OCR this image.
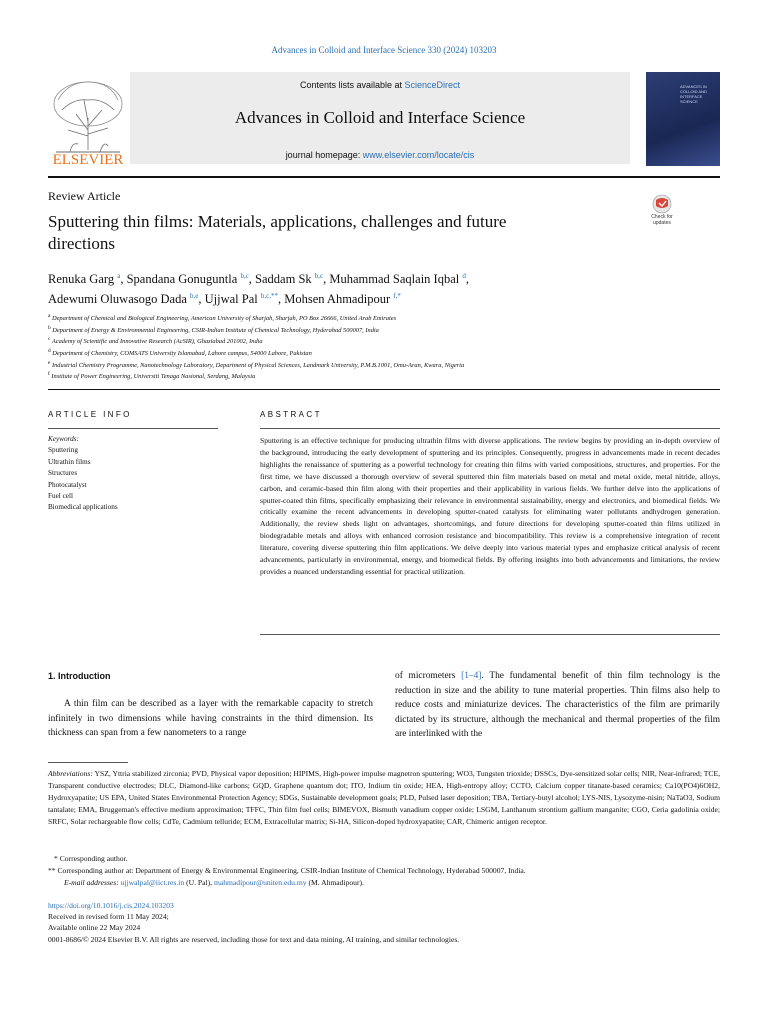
Advances in Colloid and Interface Science 330 (2024) 103203
ELSEVIER
Contents lists available at ScienceDirect
Advances in Colloid and Interface Science
journal homepage: www.elsevier.com/locate/cis
ADVANCES IN COLLOID AND INTERFACE SCIENCE
Review Article
Sputtering thin films: Materials, applications, challenges and future directions
Check for updates
Renuka Garg $^a$, Spandana Gonuguntla $^{b,c}$, Saddam Sk $^{b,c}$, Muhammad Saqlain Iqbal $^d$,
Adewumi Oluwasogo Dada $^{b,e}$, Ujjwal Pal $^{b,c,**}$, Mohsen Ahmadipour $^{f,*}$
$^a$ Department of Chemical and Biological Engineering, American University of Sharjah, Sharjah, PO Box 26666, United Arab Emirates
$^b$ Department of Energy & Environmental Engineering, CSIR-Indian Institute of Chemical Technology, Hyderabad 500007, India
$^c$ Academy of Scientific and Innovative Research (AcSIR), Ghaziabad 201002, India
$^d$ Department of Chemistry, COMSATS University Islamabad, Lahore campus, 54000 Lahore, Pakistan
$^e$ Industrial Chemistry Programme, Nanotechnology Laboratory, Department of Physical Sciences, Landmark University, P.M.B.1001, Omu-Aran, Kwara, Nigeria
$^f$ Institute of Power Engineering, Universiti Tenaga Nasional, Serdang, Malaysia
ARTICLE INFO
Keywords:
Sputtering
Ultrathin films
Structures
Photocatalyst
Fuel cell
Biomedical applications
ABSTRACT
Sputtering is an effective technique for producing ultrathin films with diverse applications. The review begins by providing an in-depth overview of the background, introducing the early development of sputtering and its principles. Consequently, progress in advancements made in recent decades highlights the renaissance of sputtering as a powerful technology for creating thin films with varied compositions, structures, and properties. For the first time, we have discussed a thorough overview of several sputtered thin film materials based on metal and metal oxide, metal nitride, alloys, carbon, and ceramic-based thin film along with their properties and their applicability in various fields. We further delve into the applications of sputter-coated thin films, specifically emphasizing their relevance in environmental sustainability, energy and electronics, and biomedical fields. We critically examine the recent advancements in developing sputter-coated catalysts for eliminating water pollutants andhydrogen generation. Additionally, the review sheds light on advantages, shortcomings, and future directions for developing sputter-coated thin films utilized in biodegradable metals and alloys with enhanced corrosion resistance and biocompatibility. This review is a comprehensive integration of recent literature, covering diverse sputtering thin film applications. We delve deeply into various material types and emphasize critical analysis of recent advancements, particularly in environmental, energy, and biomedical fields. By offering insights into both advancements and limitations, the review provides a nuanced understanding essential for practical utilization.
1. Introduction
A thin film can be described as a layer with the remarkable capacity to stretch infinitely in two dimensions while having constraints in the third dimension. Its thickness can span from a few nanometers to a range
of micrometers [1–4]. The fundamental benefit of thin film technology is the reduction in size and the ability to tune material properties. Thin films also help to reduce costs and miniaturize devices. The characteristics of the film are primarily dictated by its structure, although the mechanical and thermal properties of the film are interlinked with the
Abbreviations: YSZ, Yttria stabilized zirconia; PVD, Physical vapor deposition; HIPIMS, High-power impulse magnetron sputtering; WO3, Tungsten trioxide; DSSCs, Dye-sensitized solar cells; NIR, Near-infrared; TCE, Transparent conductive electrodes; DLC, Diamond-like carbons; GQD, Graphene quantum dot; ITO, Indium tin oxide; HEA, High-entropy alloy; CCTO, Calcium copper titanate-based ceramics; Ca10(PO4)6OH2, Hydroxyapatite; US EPA, United States Environmental Protection Agency; SDGs, Sustainable development goals; PLD, Pulsed laser deposition; TBA, Tertiary-butyl alcohol; LYS-NIS, Lysozyme-nisin; NaTaO3, Sodium tantalate; EMA, Bruggeman's effective medium approximation; TFFC, Thin film fuel cells; BIMEVOX, Bismuth vanadium copper oxide; LSGM, Lanthanum strontium gallium manganite; CGO, Ceria gadolinia oxide; SRFC, Solar rechargeable flow cells; CdTe, Cadmium telluride; ECM, Extracellular matrix; Si-HA, Silicon-doped hydroxyapatite; CAR, Chimeric antigen receptor.
* Corresponding author.
** Corresponding author at: Department of Energy & Environmental Engineering, CSIR-Indian Institute of Chemical Technology, Hyderabad 500007, India.
E-mail addresses: ujjwalpal@iict.res.in (U. Pal), mahmadipour@uniten.edu.my (M. Ahmadipour).
https://doi.org/10.1016/j.cis.2024.103203
Received in revised form 11 May 2024;
Available online 22 May 2024
0001-8686/© 2024 Elsevier B.V. All rights are reserved, including those for text and data mining, AI training, and similar technologies.
